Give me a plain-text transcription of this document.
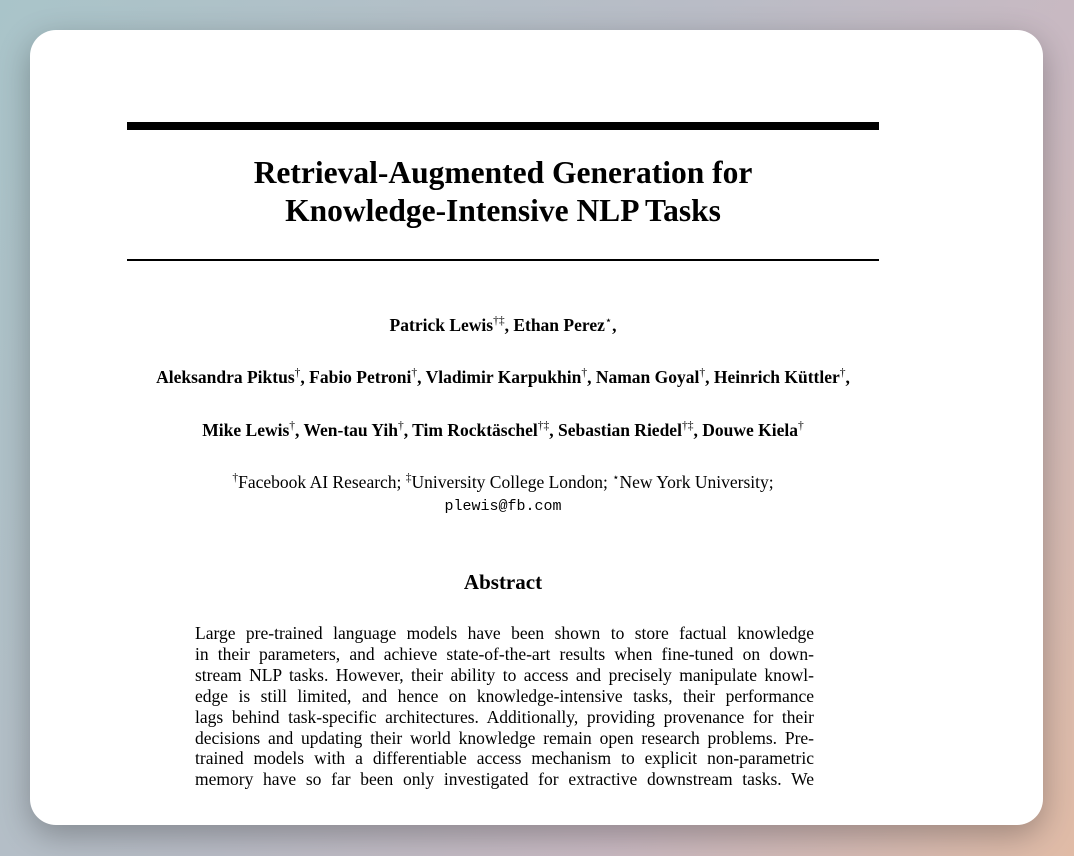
Retrieval-Augmented Generation for
Knowledge-Intensive NLP Tasks
Patrick Lewis†‡, Ethan Perez⋆,
Aleksandra Piktus†, Fabio Petroni†, Vladimir Karpukhin†, Naman Goyal†, Heinrich Küttler†,
Mike Lewis†, Wen-tau Yih†, Tim Rocktäschel†‡, Sebastian Riedel†‡, Douwe Kiela†
†Facebook AI Research; ‡University College London; ⋆New York University;
plewis@fb.com
Abstract
Large pre-trained language models have been shown to store factual knowledge
in their parameters, and achieve state-of-the-art results when fine-tuned on down-
stream NLP tasks. However, their ability to access and precisely manipulate knowl-
edge is still limited, and hence on knowledge-intensive tasks, their performance
lags behind task-specific architectures. Additionally, providing provenance for their
decisions and updating their world knowledge remain open research problems. Pre-
trained models with a differentiable access mechanism to explicit non-parametric
memory have so far been only investigated for extractive downstream tasks. We
